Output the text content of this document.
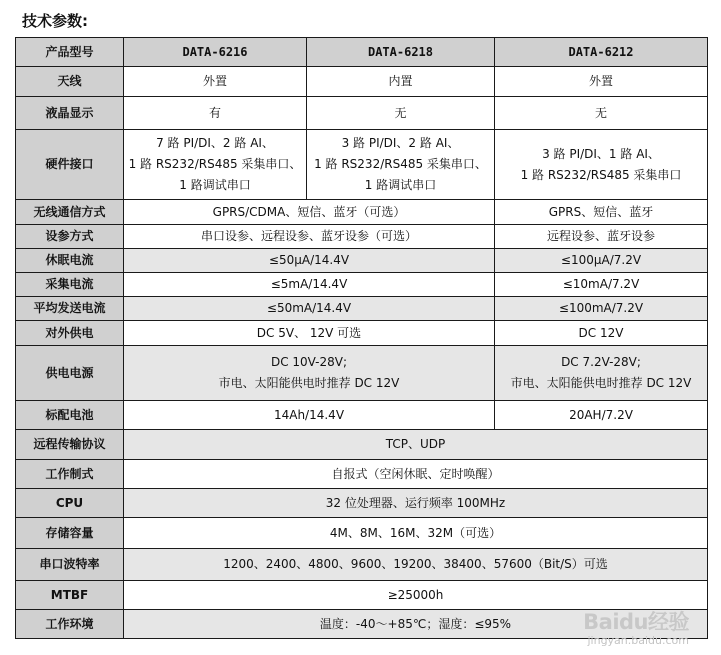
技术参数:
产品型号	DATA-6216	DATA-6218	DATA-6212
天线	外置	内置	外置
液晶显示	有	无	无
硬件接口	7 路 PI/DI、2 路 AI、
1 路 RS232/RS485 采集串口、
1 路调试串口	3 路 PI/DI、2 路 AI、
1 路 RS232/RS485 采集串口、
1 路调试串口	3 路 PI/DI、1 路 AI、
1 路 RS232/RS485 采集串口

无线通信方式	GPRS/CDMA、短信、蓝牙（可选）		GPRS、短信、蓝牙
设参方式	串口设参、远程设参、蓝牙设参（可选）		远程设参、蓝牙设参
休眠电流	≤50μA/14.4V		≤100μA/7.2V
采集电流	≤5mA/14.4V		≤10mA/7.2V
平均发送电流	≤50mA/14.4V		≤100mA/7.2V
对外供电	DC 5V、 12V 可选		DC 12V
供电电源	DC 10V-28V;
市电、太阳能供电时推荐 DC 12V		DC 7.2V-28V;
市电、太阳能供电时推荐 DC 12V

标配电池	14Ah/14.4V		20AH/7.2V
远程传输协议	TCP、UDP		
工作制式	自报式（空闲休眠、定时唤醒）		
CPU	32 位处理器、运行频率 100MHz		
存储容量	4M、8M、16M、32M（可选）		
串口波特率	1200、2400、4800、9600、19200、38400、57600（Bit/S）可选		
MTBF	≥25000h		
工作环境	温度：-40～+85℃；湿度：≤95%			Baidu经验
jingyan.baidu.com
